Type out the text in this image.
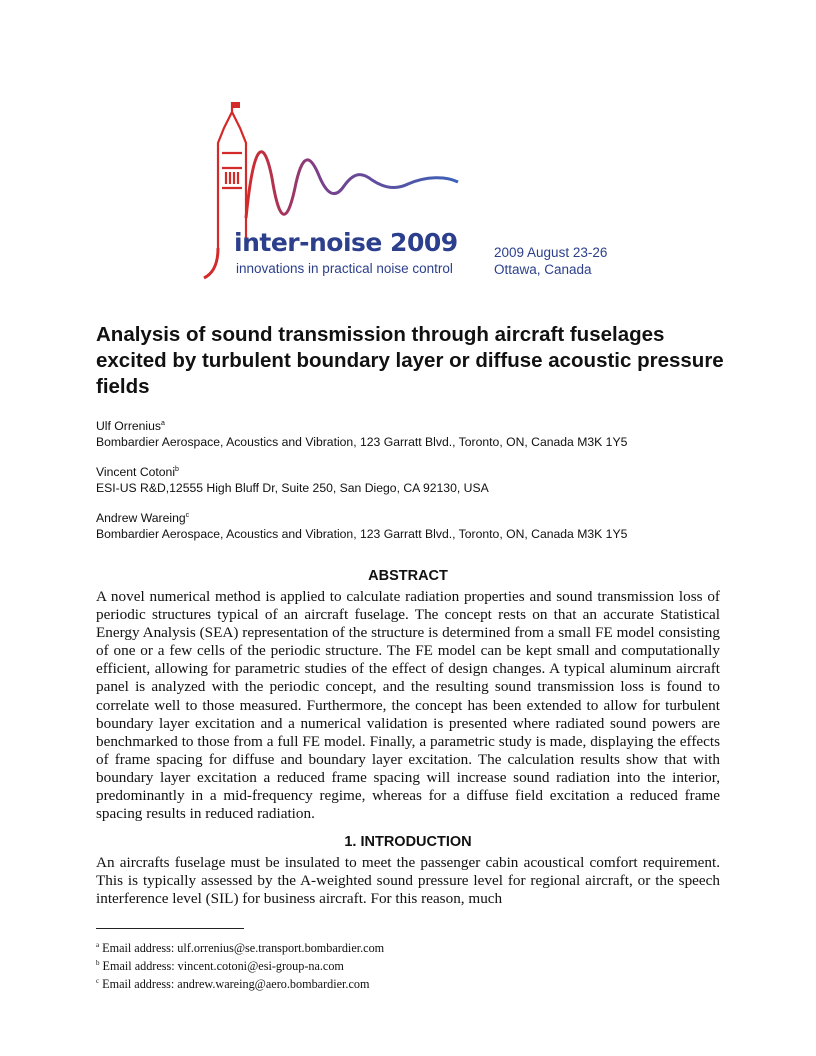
inter-noise 2009
innovations in practical noise control
2009 August 23-26
Ottawa, Canada
Analysis of sound transmission through aircraft fuselages excited by turbulent boundary layer or diffuse acoustic pressure fields
Ulf Orrenius$^a$
Bombardier Aerospace, Acoustics and Vibration, 123 Garratt Blvd., Toronto, ON, Canada M3K 1Y5
Vincent Cotoni$^b$
ESI-US R&D,12555 High Bluff Dr, Suite 250, San Diego, CA 92130, USA
Andrew Wareing$^c$
Bombardier Aerospace, Acoustics and Vibration, 123 Garratt Blvd., Toronto, ON, Canada M3K 1Y5
ABSTRACT

A novel numerical method is applied to calculate radiation properties and sound transmission loss of periodic structures typical of an aircraft fuselage. The concept rests on that an accurate Statistical Energy Analysis (SEA) representation of the structure is determined from a small FE model consisting of one or a few cells of the periodic structure. The FE model can be kept small and computationally efficient, allowing for parametric studies of the effect of design changes. A typical aluminum aircraft panel is analyzed with the periodic concept, and the resulting sound transmission loss is found to correlate well to those measured. Furthermore, the concept has been extended to allow for turbulent boundary layer excitation and a numerical validation is presented where radiated sound powers are benchmarked to those from a full FE model. Finally, a parametric study is made, displaying the effects of frame spacing for diffuse and boundary layer excitation. The calculation results show that with boundary layer excitation a reduced frame spacing will increase sound radiation into the interior, predominantly in a mid-frequency regime, whereas for a diffuse field excitation a reduced frame spacing results in reduced radiation.

1. INTRODUCTION

An aircrafts fuselage must be insulated to meet the passenger cabin acoustical comfort requirement. This is typically assessed by the A-weighted sound pressure level for regional aircraft, or the speech interference level (SIL) for business aircraft. For this reason, much

$^a$ Email address: ulf.orrenius@se.transport.bombardier.com
$^b$ Email address: vincent.cotoni@esi-group-na.com
$^c$ Email address: andrew.wareing@aero.bombardier.com
